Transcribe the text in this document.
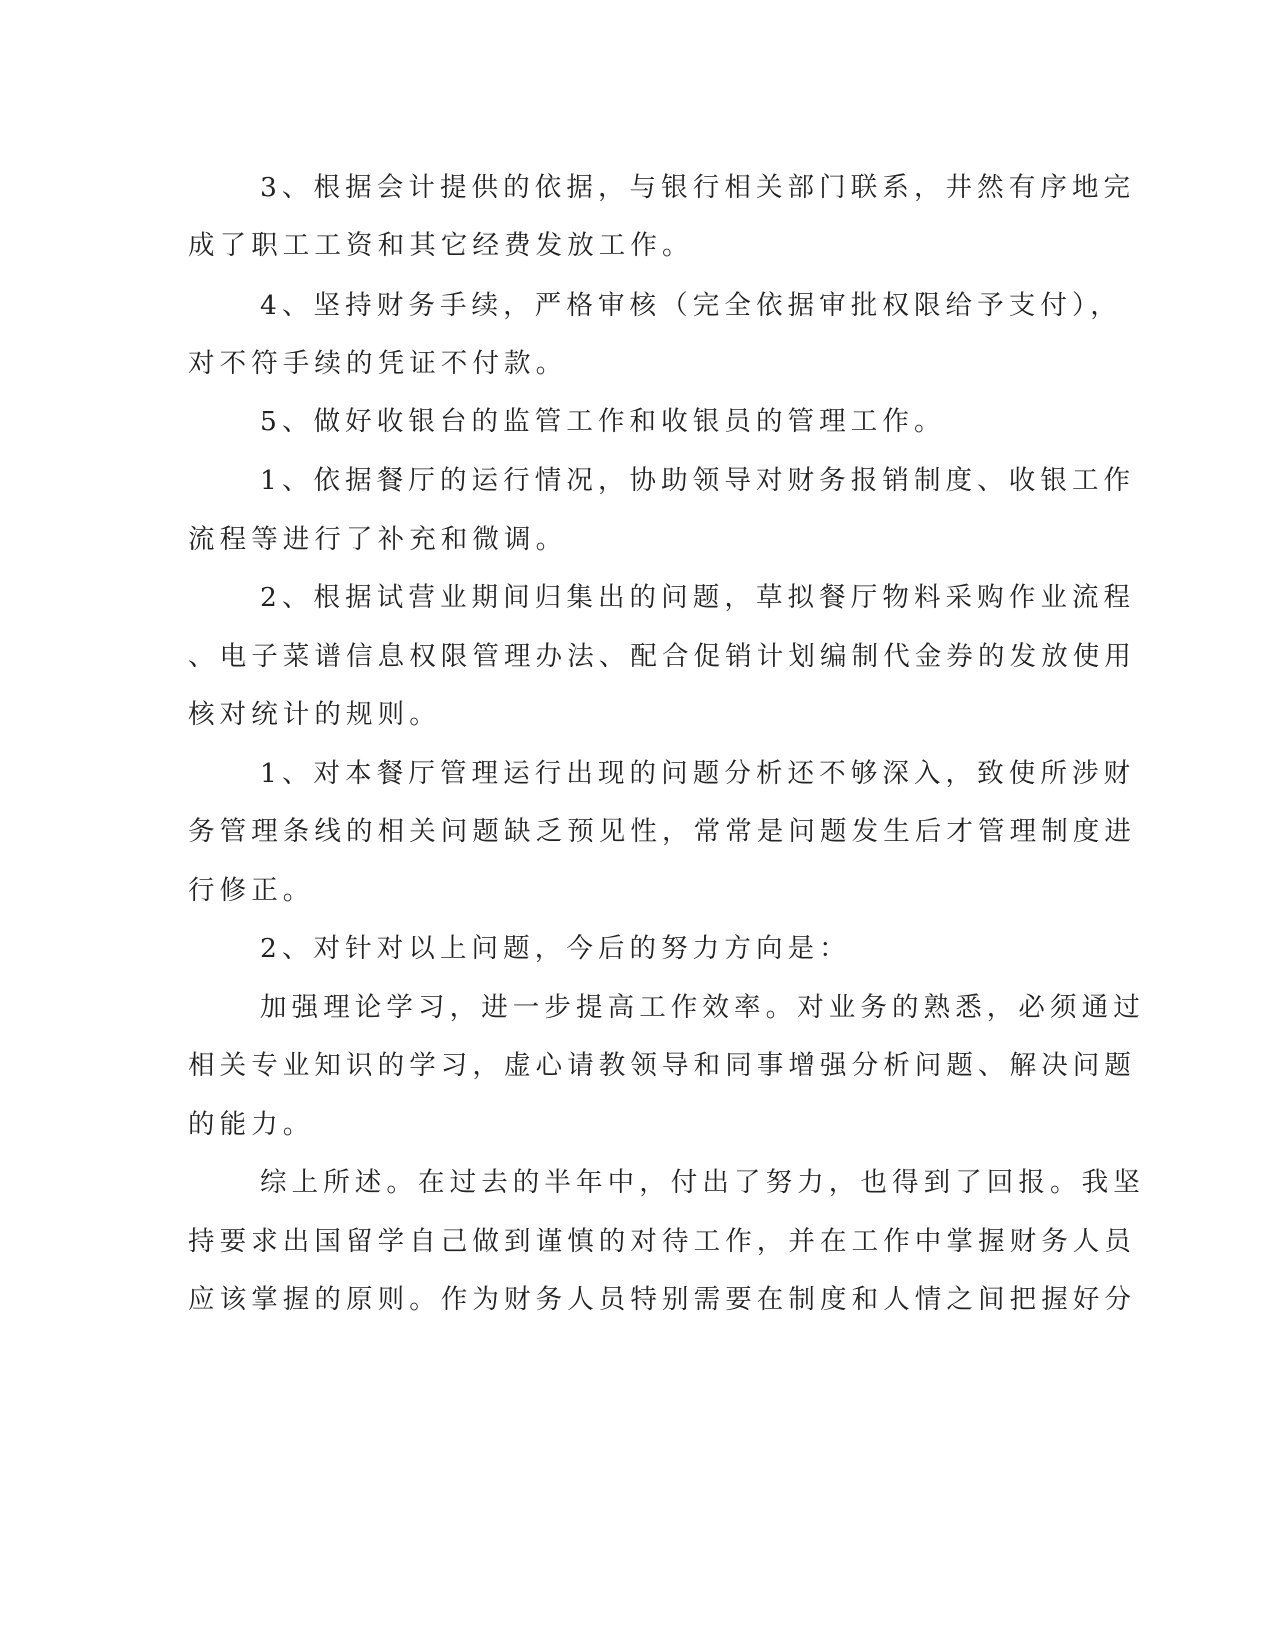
3、根据会计提供的依据，与银行相关部门联系，井然有序地完
成了职工工资和其它经费发放工作。
4、坚持财务手续，严格审核（完全依据审批权限给予支付），
对不符手续的凭证不付款。
5、做好收银台的监管工作和收银员的管理工作。
1、依据餐厅的运行情况，协助领导对财务报销制度、收银工作
流程等进行了补充和微调。
2、根据试营业期间归集出的问题，草拟餐厅物料采购作业流程
、电子菜谱信息权限管理办法、配合促销计划编制代金券的发放使用
核对统计的规则。
1、对本餐厅管理运行出现的问题分析还不够深入，致使所涉财
务管理条线的相关问题缺乏预见性，常常是问题发生后才管理制度进
行修正。
2、对针对以上问题，今后的努力方向是：
加强理论学习，进一步提高工作效率。对业务的熟悉，必须通过
相关专业知识的学习，虚心请教领导和同事增强分析问题、解决问题
的能力。
综上所述。在过去的半年中，付出了努力，也得到了回报。我坚
持要求出国留学自己做到谨慎的对待工作，并在工作中掌握财务人员
应该掌握的原则。作为财务人员特别需要在制度和人情之间把握好分
